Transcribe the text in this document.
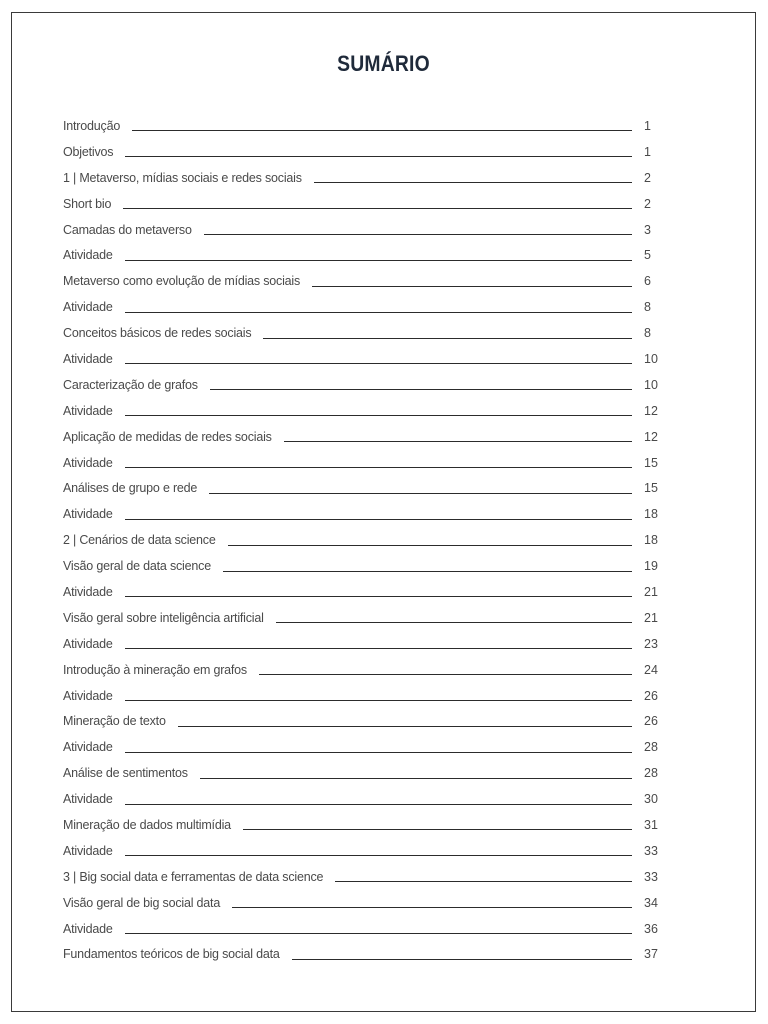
SUMÁRIO
Introdução	1
Objetivos	1
1 | Metaverso, mídias sociais e redes sociais	2
Short bio	2
Camadas do metaverso	3
Atividade	5
Metaverso como evolução de mídias sociais	6
Atividade	8
Conceitos básicos de redes sociais	8
Atividade	10
Caracterização de grafos	10
Atividade	12
Aplicação de medidas de redes sociais	12
Atividade	15
Análises de grupo e rede	15
Atividade	18
2 | Cenários de data science	18
Visão geral de data science	19
Atividade	21
Visão geral sobre inteligência artificial	21
Atividade	23
Introdução à mineração em grafos	24
Atividade	26
Mineração de texto	26
Atividade	28
Análise de sentimentos	28
Atividade	30
Mineração de dados multimídia	31
Atividade	33
3 | Big social data e ferramentas de data science	33
Visão geral de big social data	34
Atividade	36
Fundamentos teóricos de big social data	37
